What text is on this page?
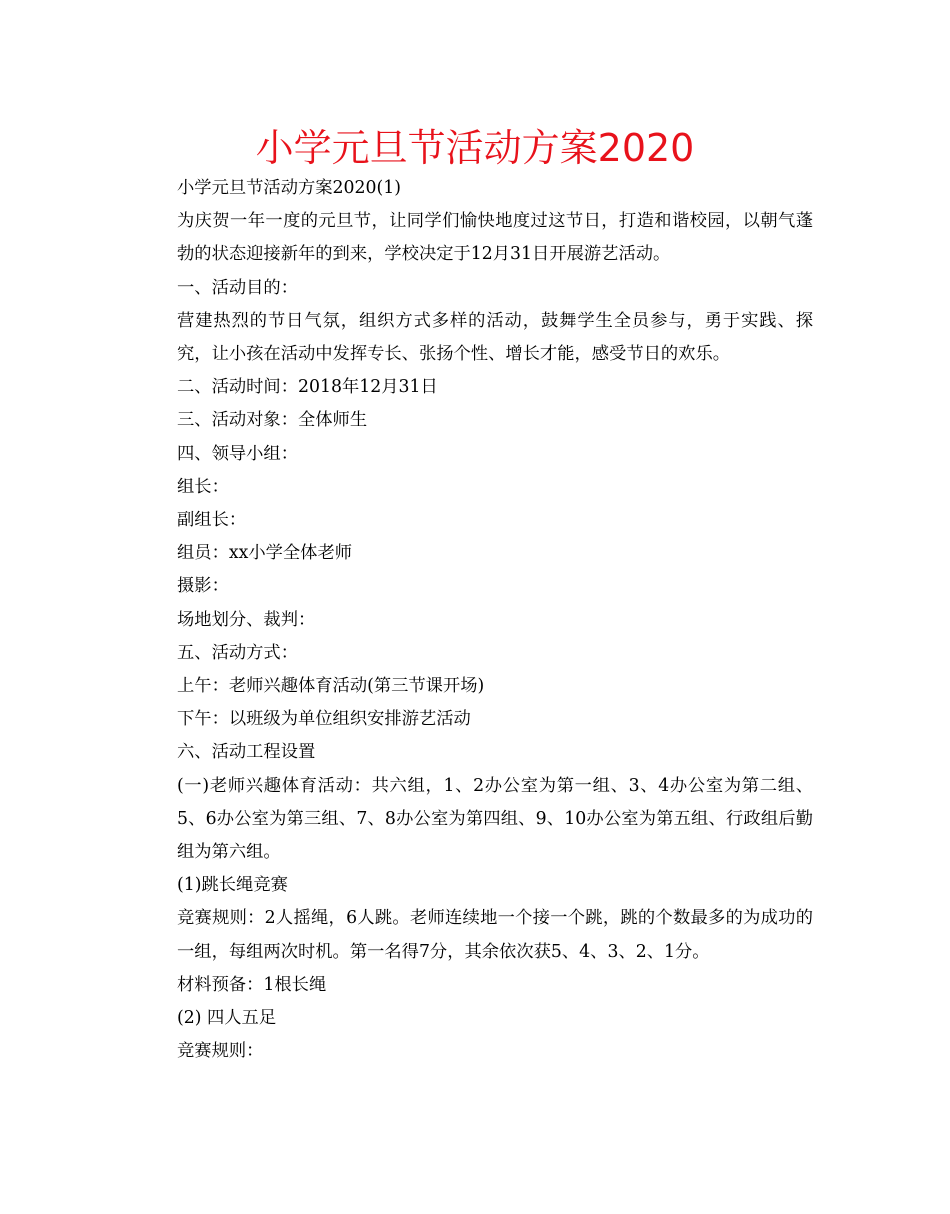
小学元旦节活动方案2020

小学元旦节活动方案2020(1)

为庆贺一年一度的元旦节，让同学们愉快地度过这节日，打造和谐校园，以朝气蓬勃的状态迎接新年的到来，学校决定于12月31日开展游艺活动。

一、活动目的：

营建热烈的节日气氛，组织方式多样的活动，鼓舞学生全员参与，勇于实践、探究，让小孩在活动中发挥专长、张扬个性、增长才能，感受节日的欢乐。

二、活动时间：2018年12月31日

三、活动对象：全体师生

四、领导小组：

组长：

副组长：

组员：xx小学全体老师

摄影：

场地划分、裁判：

五、活动方式：

上午：老师兴趣体育活动(第三节课开场)

下午：以班级为单位组织安排游艺活动

六、活动工程设置

(一)老师兴趣体育活动：共六组，1、2办公室为第一组、3、4办公室为第二组、5、6办公室为第三组、7、8办公室为第四组、9、10办公室为第五组、行政组后勤组为第六组。

(1)跳长绳竞赛

竞赛规则：2人摇绳，6人跳。老师连续地一个接一个跳，跳的个数最多的为成功的一组，每组两次时机。第一名得7分，其余依次获5、4、3、2、1分。

材料预备：1根长绳

(2) 四人五足

竞赛规则：
